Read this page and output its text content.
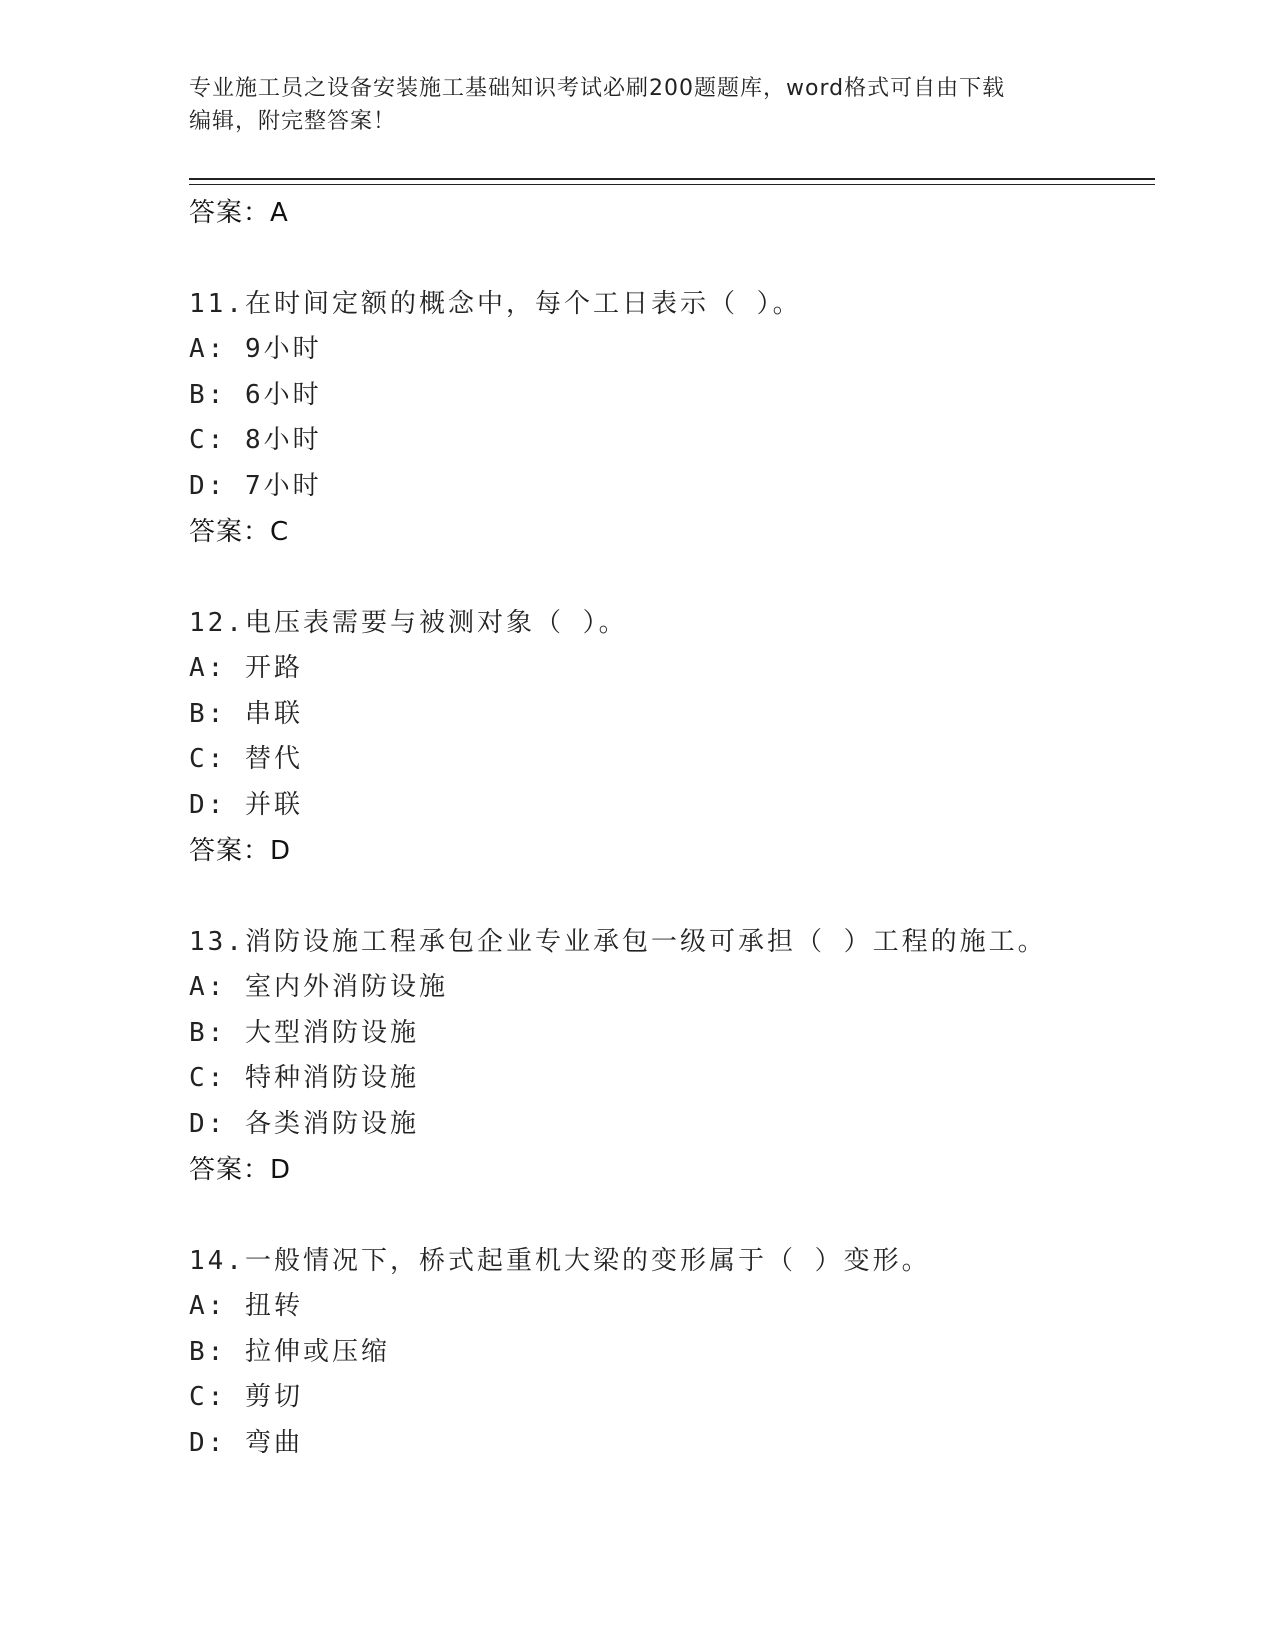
专业施工员之设备安装施工基础知识考试必刷200题题库，word格式可自由下载
编辑，附完整答案！
答案：A
11.在时间定额的概念中，每个工日表示（ ）。
A: 9小时
B: 6小时
C: 8小时
D: 7小时
答案：C
12.电压表需要与被测对象（ ）。
A: 开路
B: 串联
C: 替代
D: 并联
答案：D
13.消防设施工程承包企业专业承包一级可承担（ ）工程的施工。
A: 室内外消防设施
B: 大型消防设施
C: 特种消防设施
D: 各类消防设施
答案：D
14.一般情况下，桥式起重机大梁的变形属于（ ）变形。
A: 扭转
B: 拉伸或压缩
C: 剪切
D: 弯曲
